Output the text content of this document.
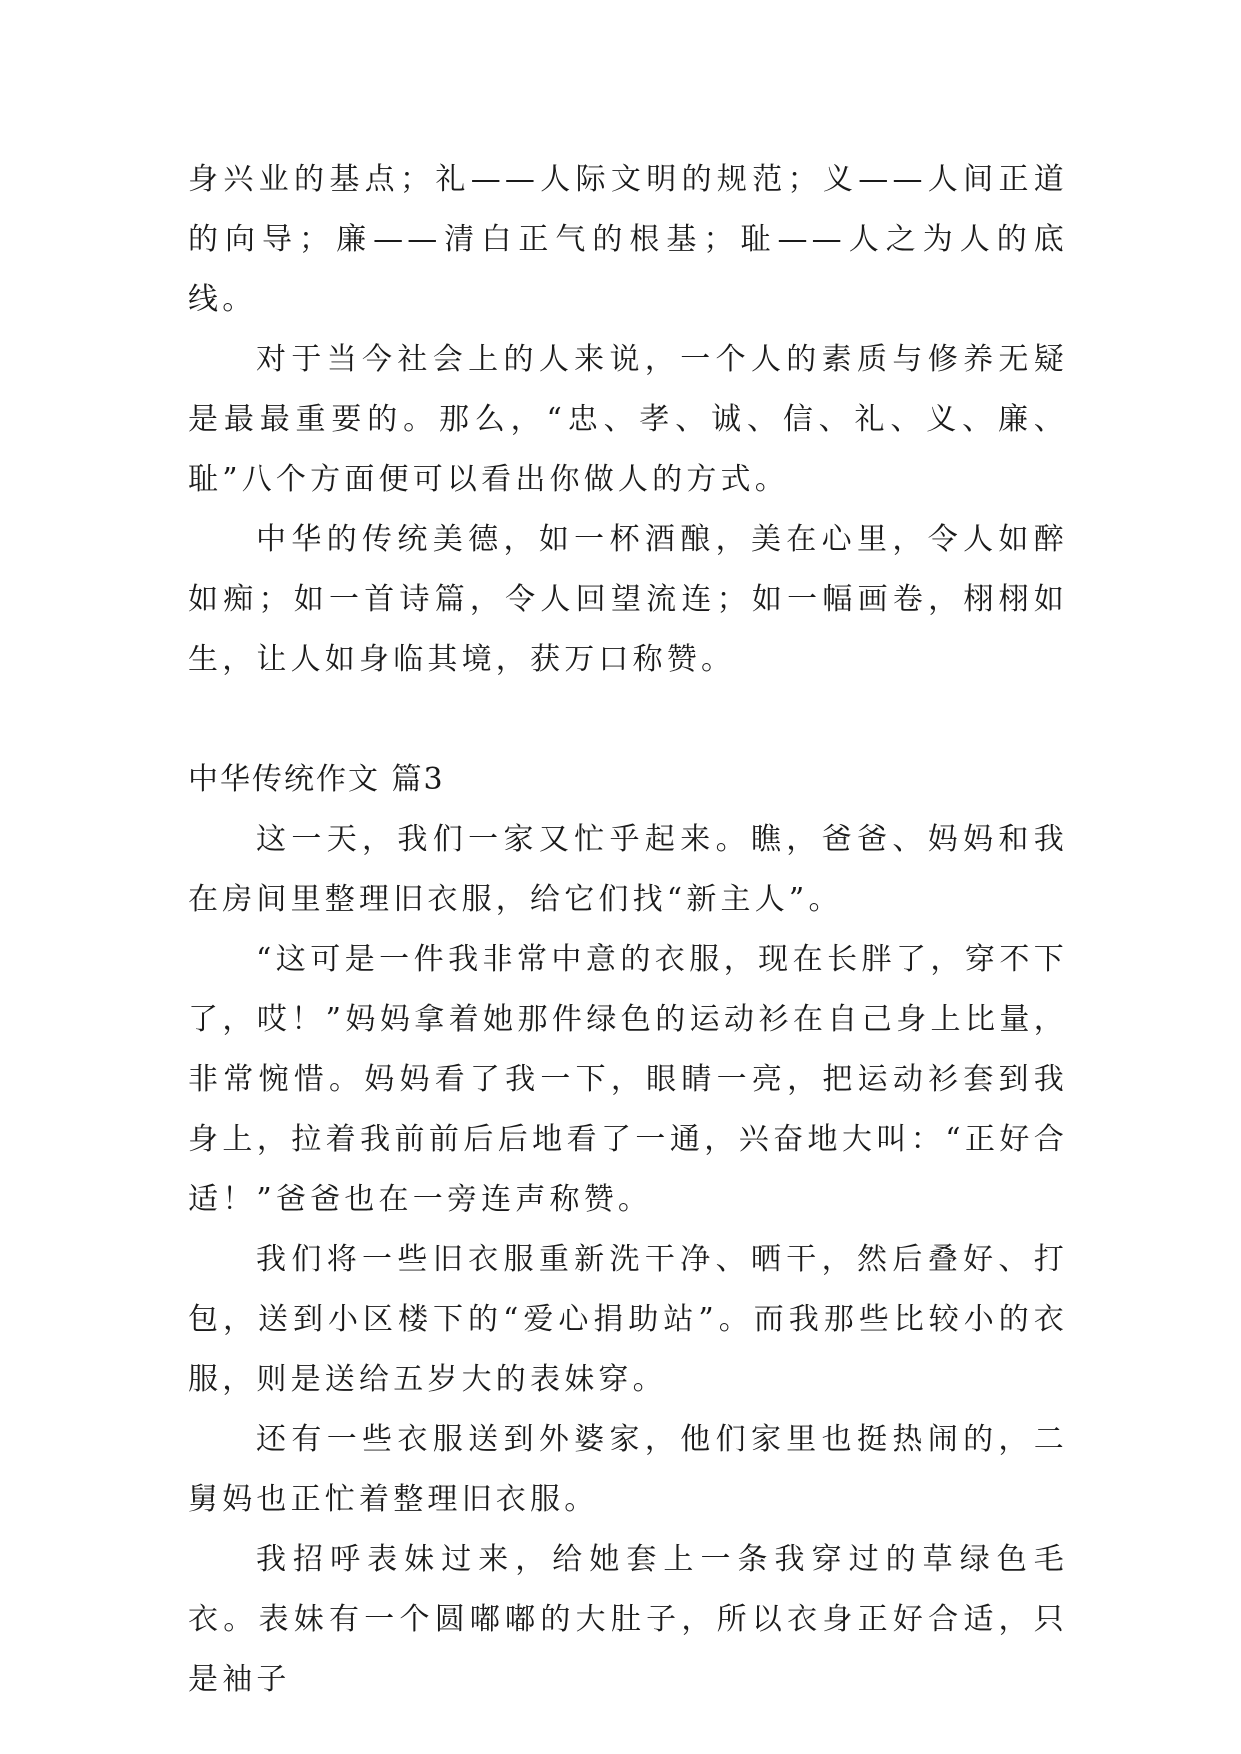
身兴业的基点；礼——人际文明的规范；义——人间正道的向导；廉——清白正气的根基；耻——人之为人的底线。

对于当今社会上的人来说，一个人的素质与修养无疑是最最重要的。那么，“忠、孝、诚、信、礼、义、廉、耻”八个方面便可以看出你做人的方式。

中华的传统美德，如一杯酒酿，美在心里，令人如醉如痴；如一首诗篇，令人回望流连；如一幅画卷，栩栩如生，让人如身临其境，获万口称赞。

中华传统作文 篇3

这一天，我们一家又忙乎起来。瞧，爸爸、妈妈和我在房间里整理旧衣服，给它们找“新主人”。

“这可是一件我非常中意的衣服，现在长胖了，穿不下了，哎！”妈妈拿着她那件绿色的运动衫在自己身上比量，非常惋惜。妈妈看了我一下，眼睛一亮，把运动衫套到我身上，拉着我前前后后地看了一通，兴奋地大叫：“正好合适！”爸爸也在一旁连声称赞。

我们将一些旧衣服重新洗干净、晒干，然后叠好、打包，送到小区楼下的“爱心捐助站”。而我那些比较小的衣服，则是送给五岁大的表妹穿。

还有一些衣服送到外婆家，他们家里也挺热闹的，二舅妈也正忙着整理旧衣服。

我招呼表妹过来，给她套上一条我穿过的草绿色毛衣。表妹有一个圆嘟嘟的大肚子，所以衣身正好合适，只是袖子
